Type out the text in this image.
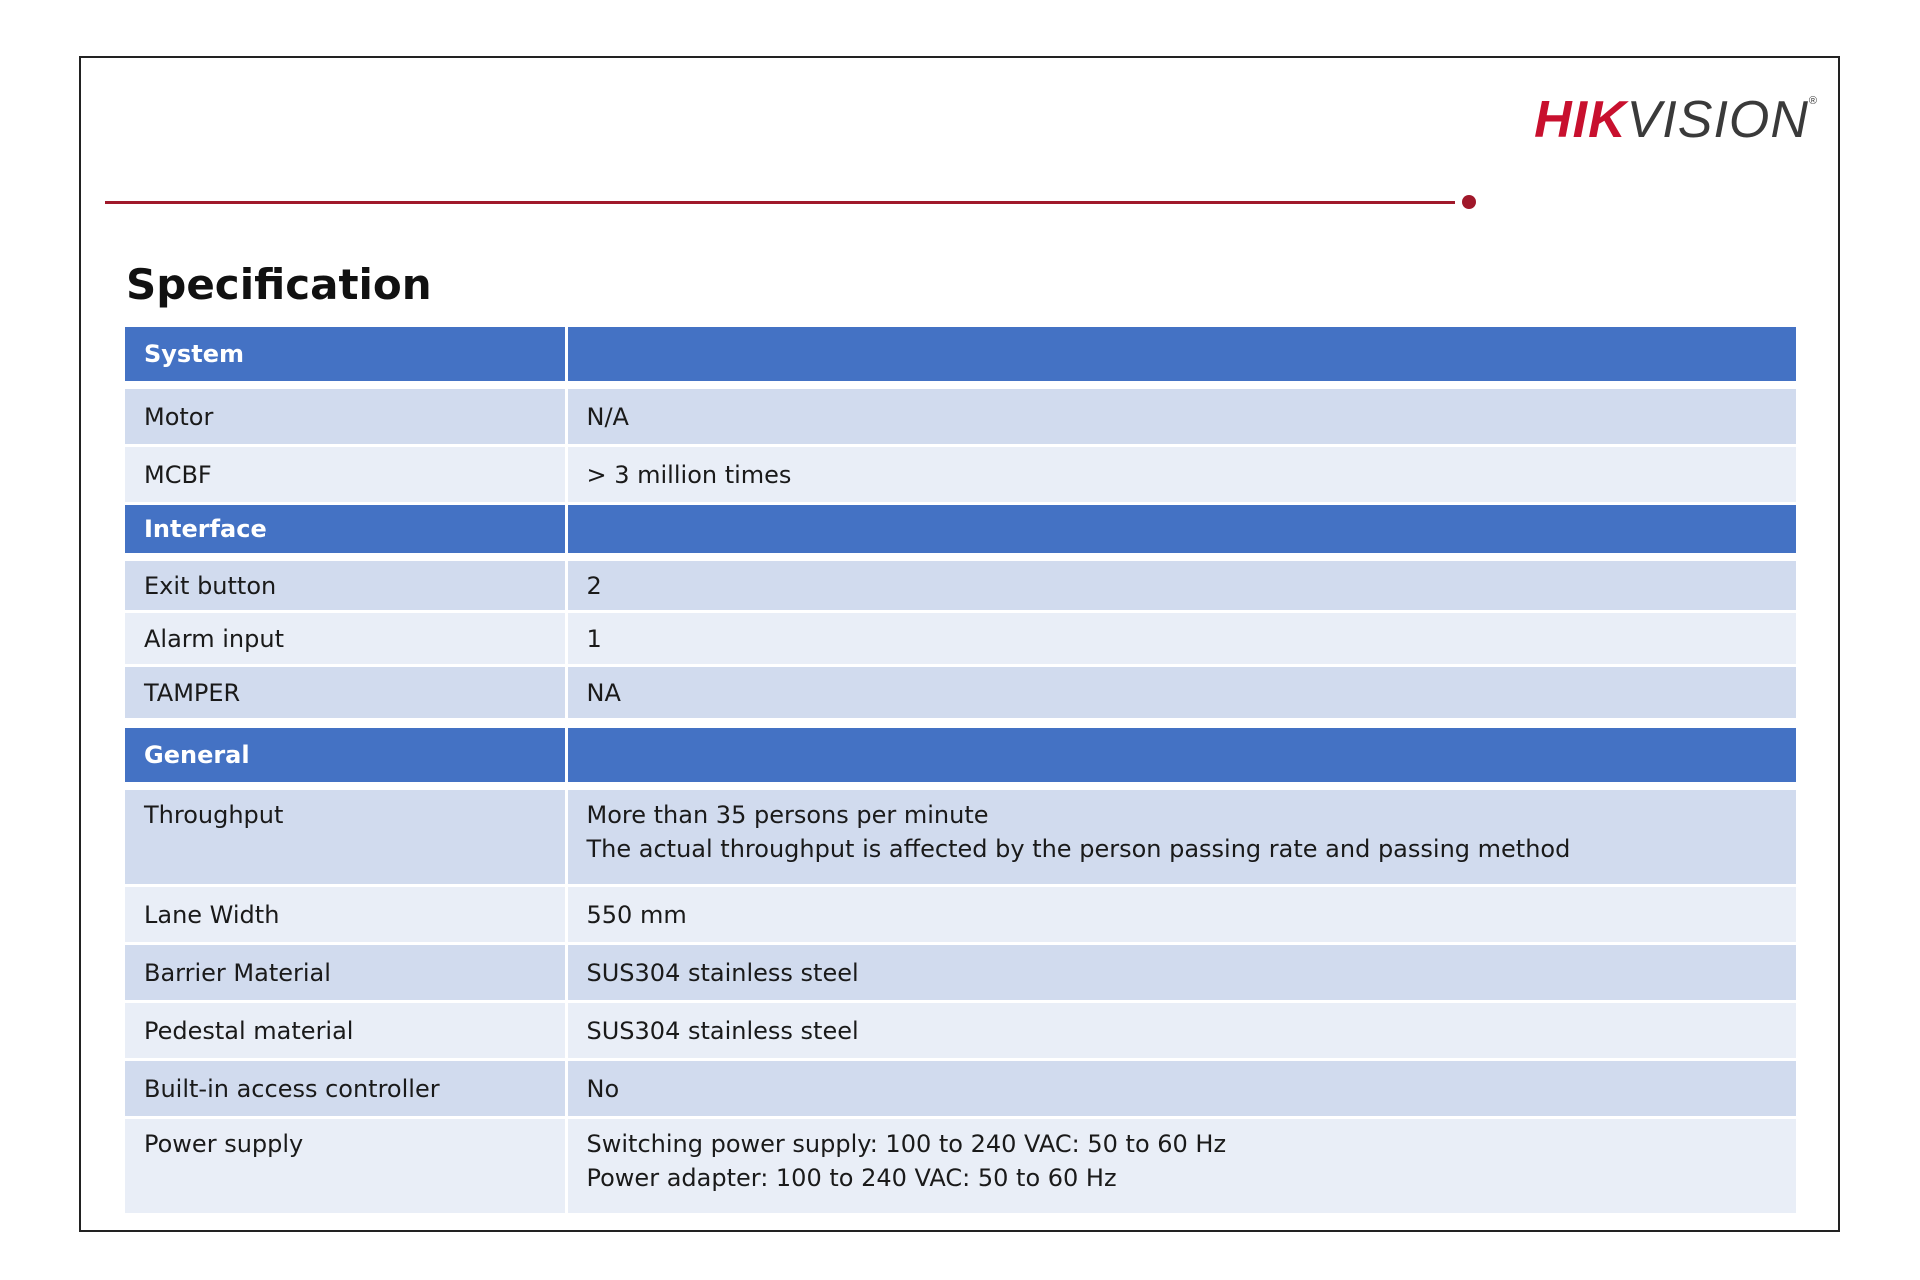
HIKVISION®
Specification
System	
Motor	N/A
MCBF	> 3 million times
Interface	
Exit button	2
Alarm input	1
TAMPER	NA
General	
Throughput	More than 35 persons per minute
The actual throughput is affected by the person passing rate and passing method

Lane Width	550 mm
Barrier Material	SUS304 stainless steel
Pedestal material	SUS304 stainless steel
Built-in access controller	No
Power supply	Switching power supply: 100 to 240 VAC: 50 to 60 Hz
Power adapter: 100 to 240 VAC: 50 to 60 Hz
